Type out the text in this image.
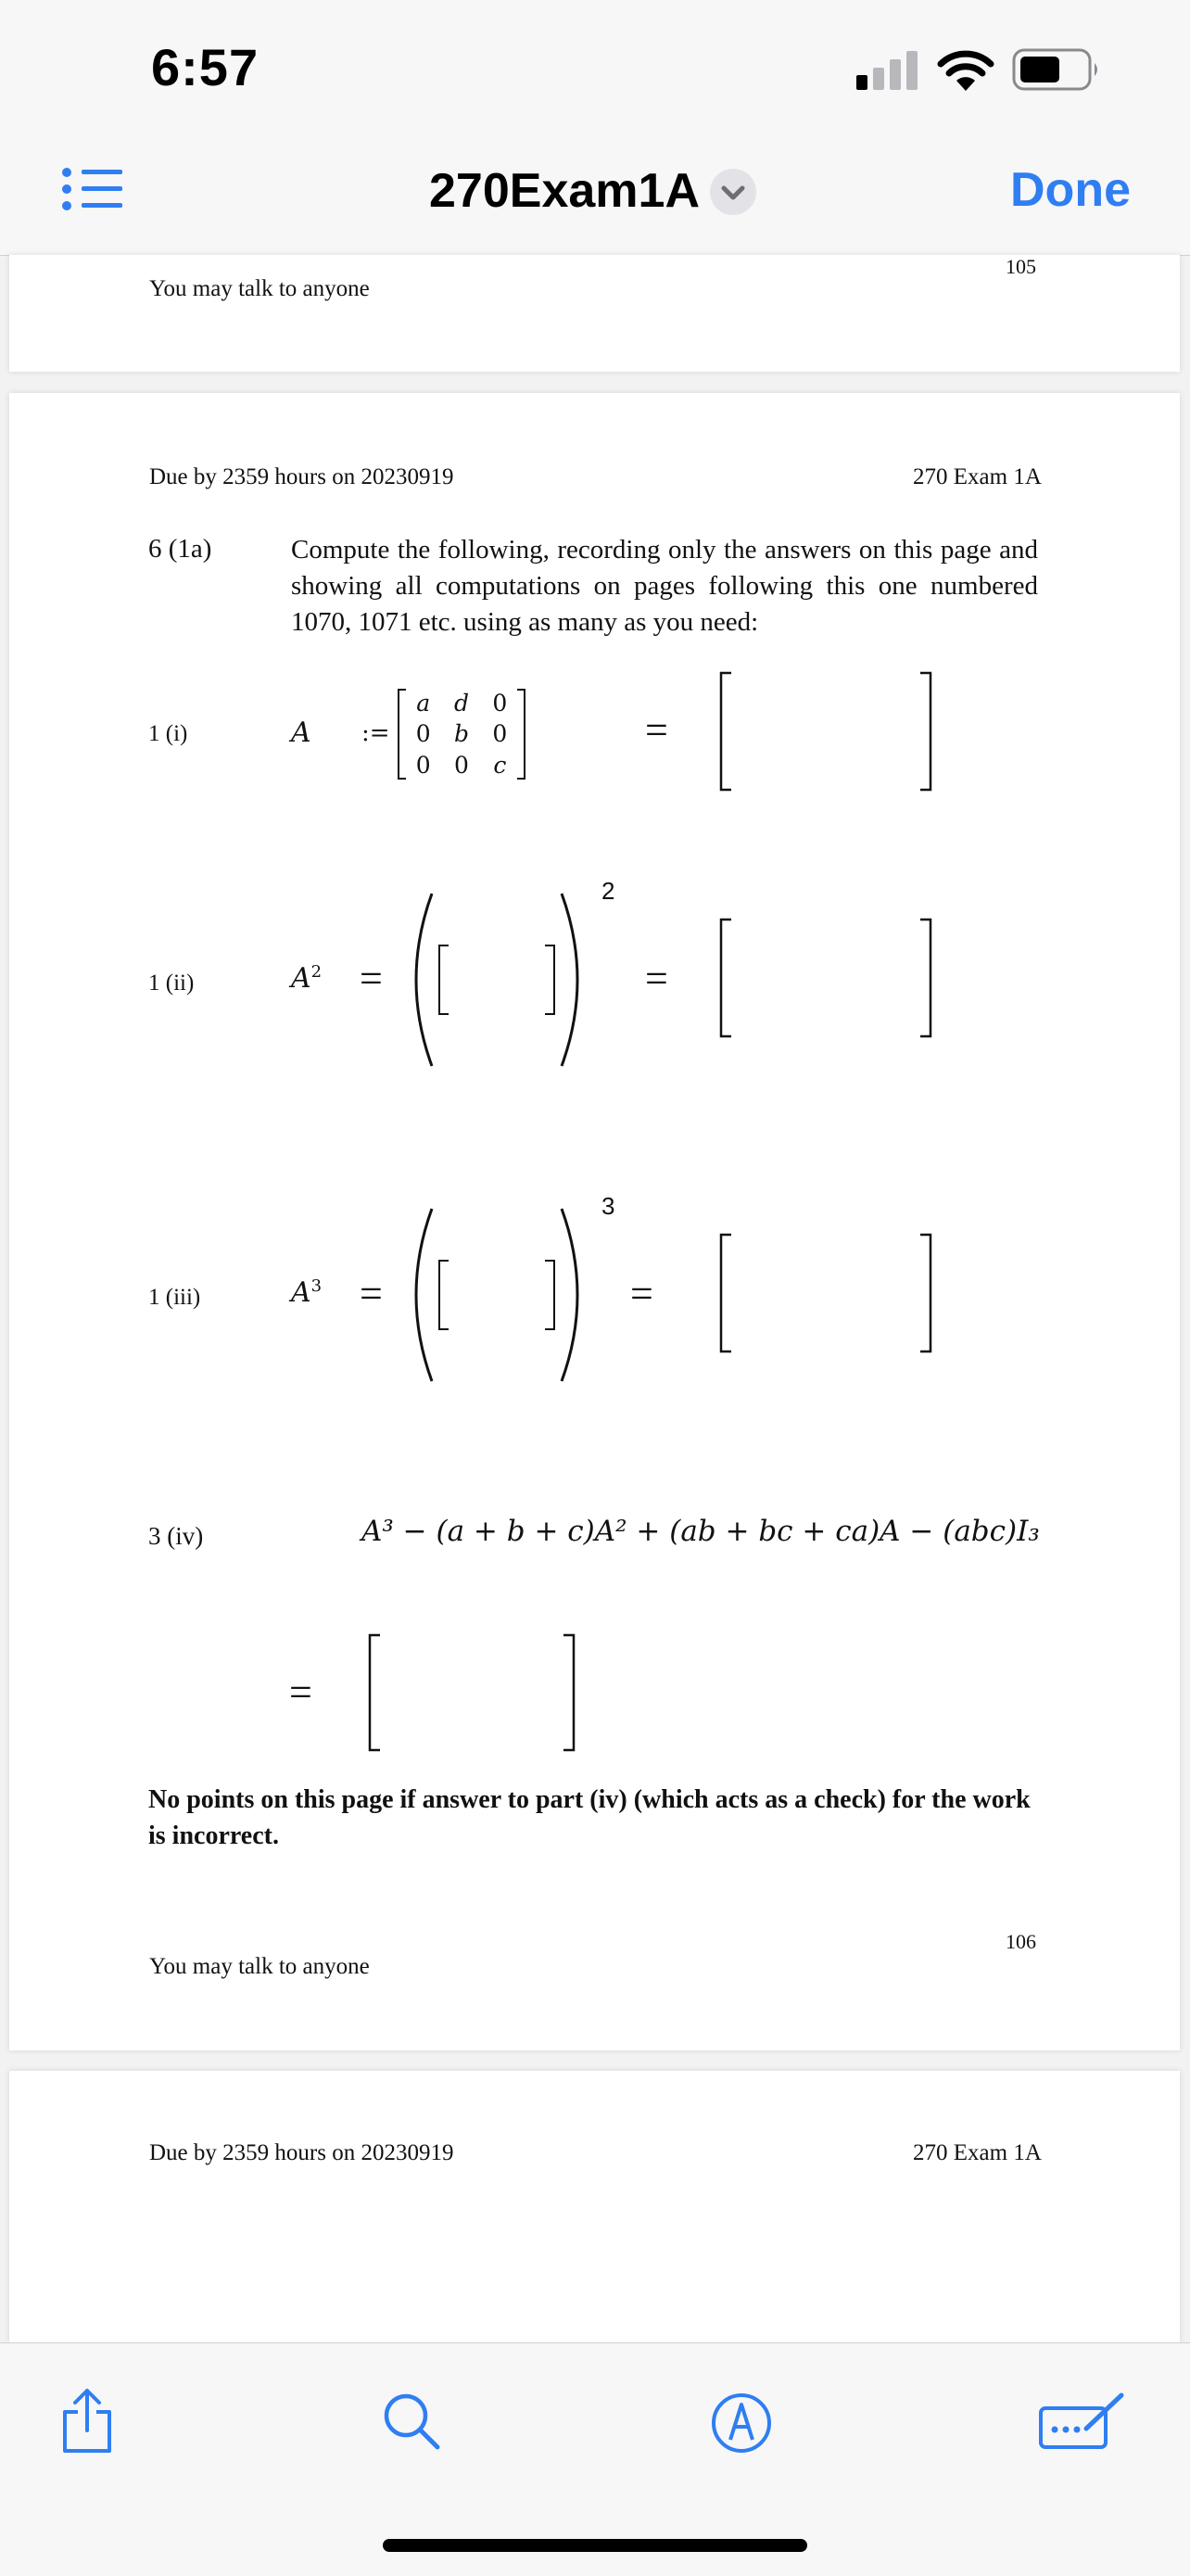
6:57
270Exam1A	Done
105
You may talk to anyone
Due by 2359 hours on 20230919	270 Exam 1A
6 (1a)	Compute the following, recording only the answers on this page and showing all computations on pages following this one numbered 1070, 1071 etc. using as many as you need:
1 (i)	A :=
a d 0
0 b 0
0 0 c
=
1 (ii)	$A^2$ =
2
=
1 (iii)	$A^3$ =
3
=
3 (iv)	A³ − (a + b + c)A² + (ab + bc + ca)A − (abc)I₃
=
No points on this page if answer to part (iv) (which acts as a check) for the work is incorrect.
106
You may talk to anyone
Due by 2359 hours on 20230919	270 Exam 1A
